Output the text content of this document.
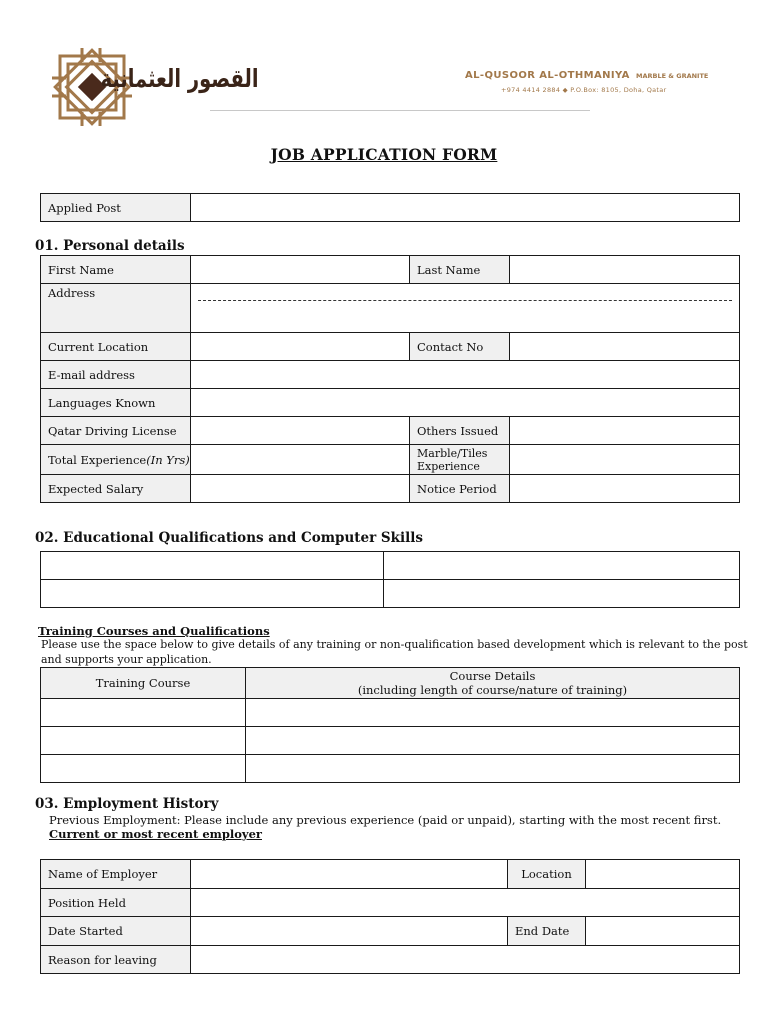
القصور العثمانية	AL-QUSOOR AL-OTHMANIYA MARBLE & GRANITE
+974 4414 2884 ◆ P.O.Box: 8105, Doha, Qatar
JOB APPLICATION FORM
Applied Post	
01. Personal details
First Name		Last Name	
Address			

Current Location		Contact No	
E-mail address			
Languages Known			
Qatar Driving License		Others Issued	
Total Experience(In Yrs)		Marble/Tiles Experience	
Expected Salary		Notice Period	
02. Educational Qualifications and Computer Skills

Training Courses and Qualifications
Please use the space below to give details of any training or non-qualification based development which is relevant to the post
and supports your application.
Training Course	Course Details
(including length of course/nature of training)

03. Employment History
Previous Employment: Please include any previous experience (paid or unpaid), starting with the most recent first.
Current or most recent employer
Name of Employer		Location	
Position Held			
Date Started		End Date	
Reason for leaving			
